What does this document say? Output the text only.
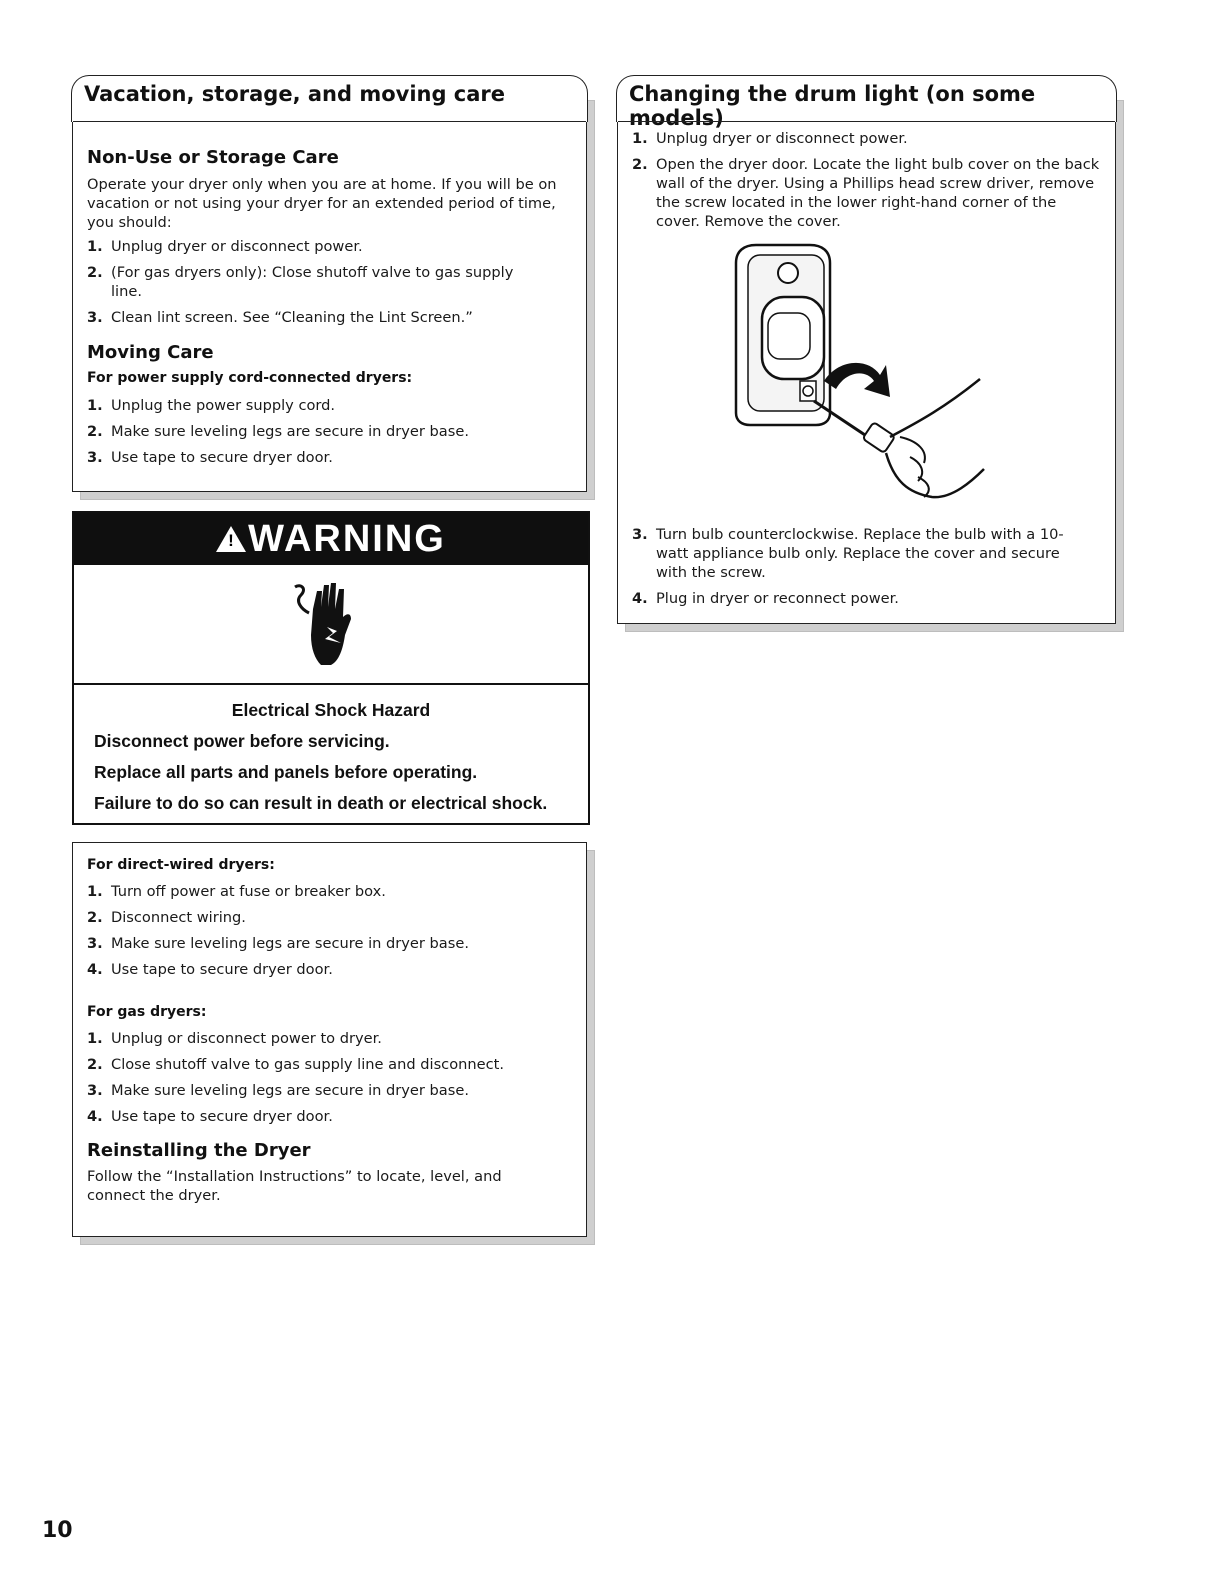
Vacation, storage, and moving care
Non-Use or Storage Care

Operate your dryer only when you are at home. If you will be on vacation or not using your dryer for an extended period of time, you should:

1. Unplug dryer or disconnect power.
2. (For gas dryers only): Close shutoff valve to gas supply line.
3. Clean lint screen. See “Cleaning the Lint Screen.”
Moving Care
For power supply cord-connected dryers:
1. Unplug the power supply cord.
2. Make sure leveling legs are secure in dryer base.
3. Use tape to secure dryer door.
!
WARNING
Electrical Shock Hazard
Disconnect power before servicing.
Replace all parts and panels before operating.
Failure to do so can result in death or electrical shock.
For direct-wired dryers:
1. Turn off power at fuse or breaker box.
2. Disconnect wiring.
3. Make sure leveling legs are secure in dryer base.
4. Use tape to secure dryer door.
For gas dryers:
1. Unplug or disconnect power to dryer.
2. Close shutoff valve to gas supply line and disconnect.
3. Make sure leveling legs are secure in dryer base.
4. Use tape to secure dryer door.
Reinstalling the Dryer

Follow the “Installation Instructions” to locate, level, and connect the dryer.

Changing the drum light (on some models)
1. Unplug dryer or disconnect power.
2. Open the dryer door. Locate the light bulb cover on the back wall of the dryer. Using a Phillips head screw driver, remove the screw located in the lower right-hand corner of the cover. Remove the cover.
3. Turn bulb counterclockwise. Replace the bulb with a 10-watt appliance bulb only. Replace the cover and secure with the screw.
4. Plug in dryer or reconnect power.
10
